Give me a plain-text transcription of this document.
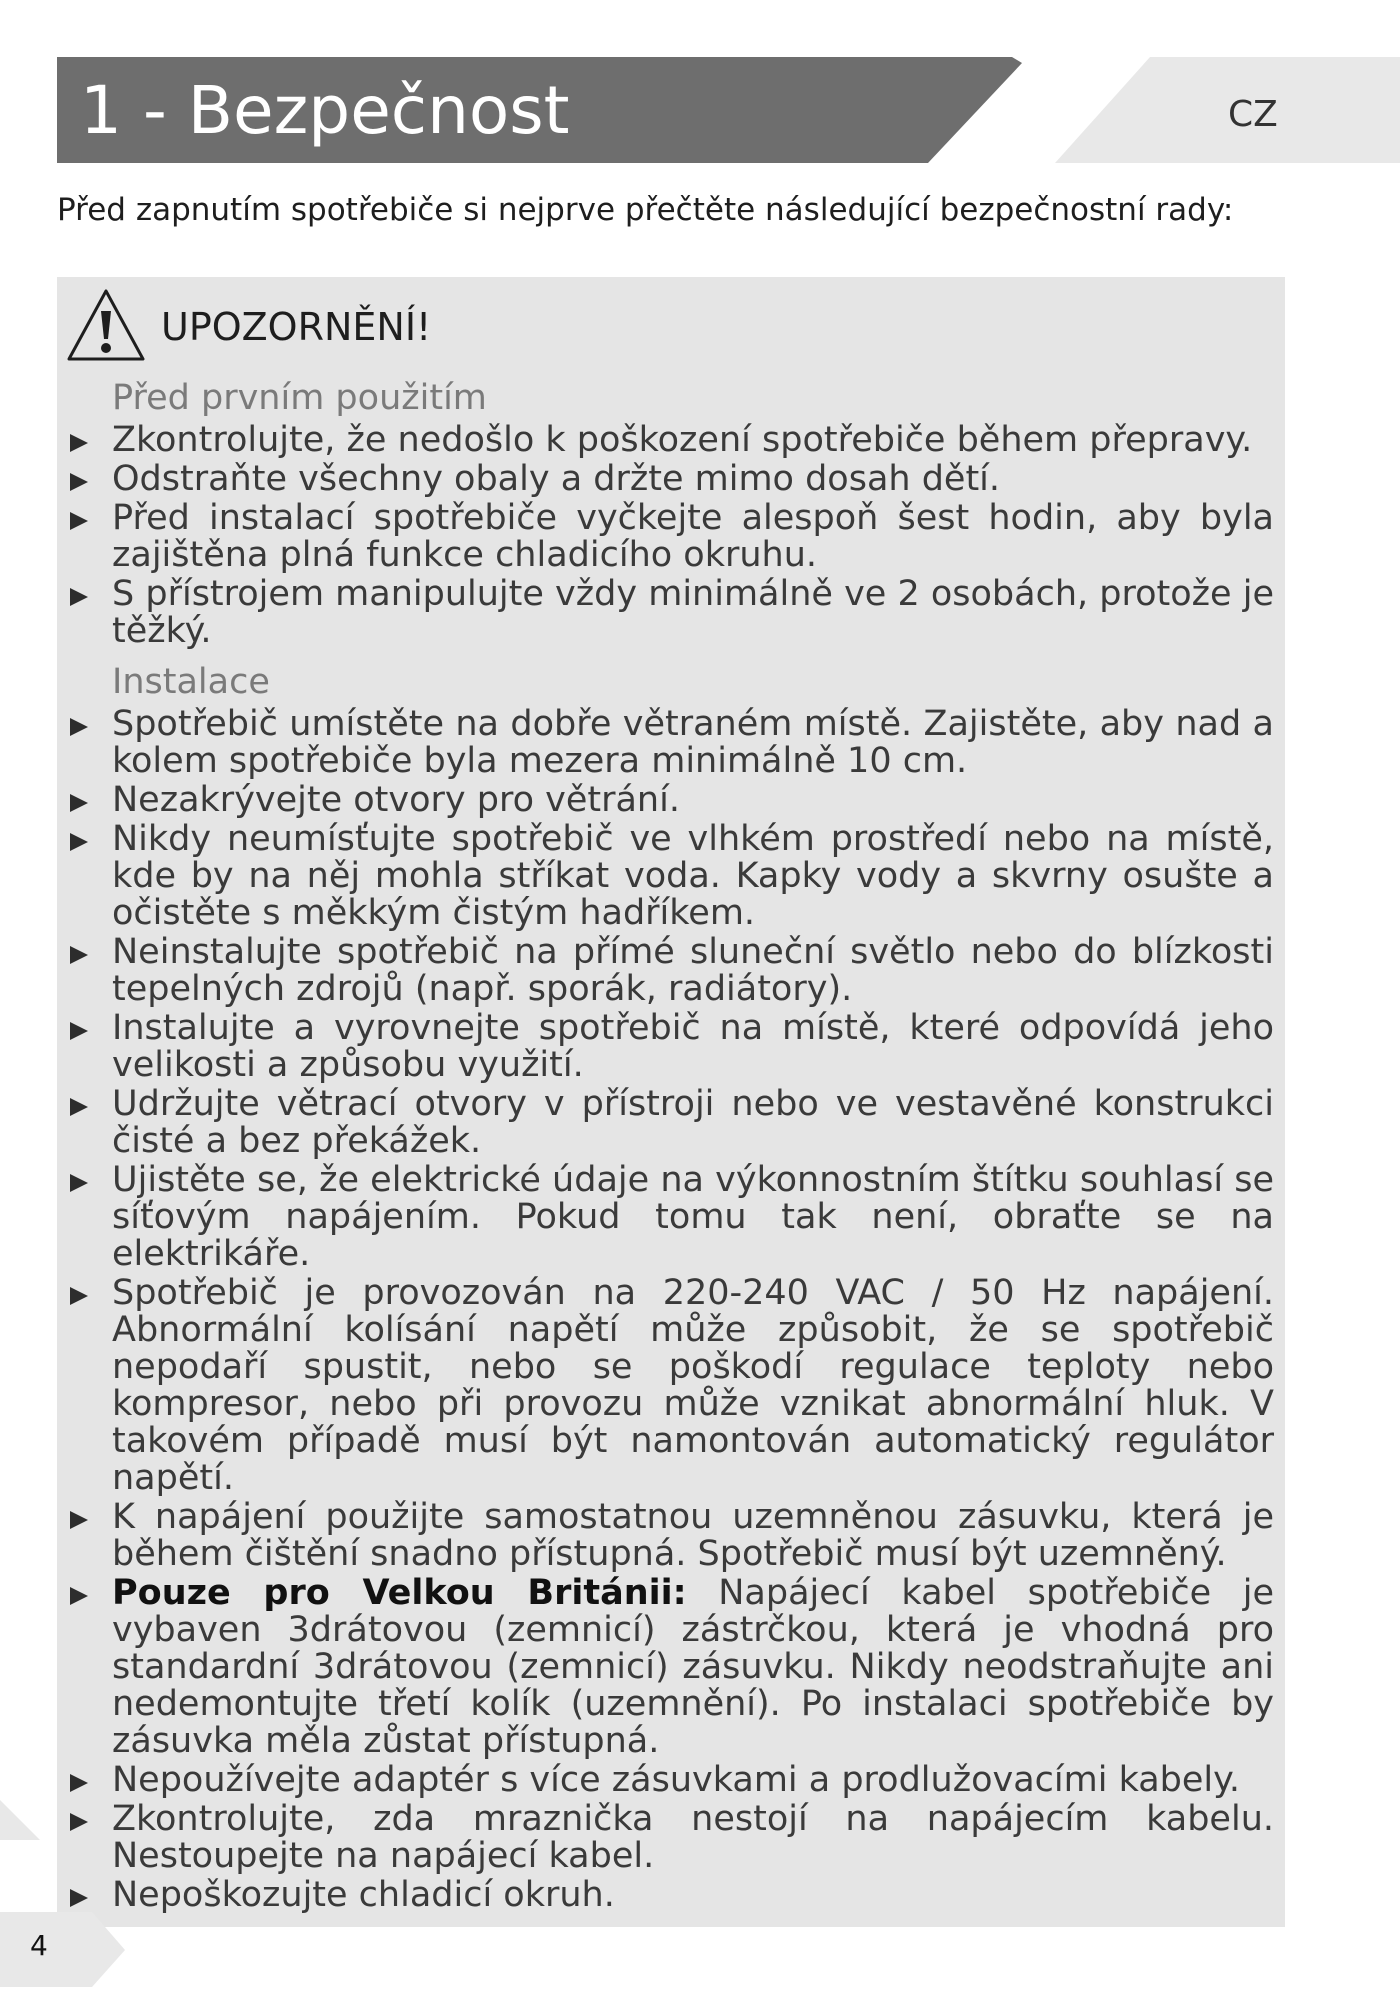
1 - Bezpečnost	CZ
Před zapnutím spotřebiče si nejprve přečtěte následující bezpečnostní rady:
UPOZORNĚNÍ!
Před prvním použitím
Zkontrolujte, že nedošlo k poškození spotřebiče během přepravy.
Odstraňte všechny obaly a držte mimo dosah dětí.
Před instalací spotřebiče vyčkejte alespoň šest hodin, aby byla zajištěna plná funkce chladicího okruhu.
S přístrojem manipulujte vždy minimálně ve 2 osobách, protože je těžký.
Instalace
Spotřebič umístěte na dobře větraném místě. Zajistěte, aby nad a kolem spotřebiče byla mezera minimálně 10 cm.
Nezakrývejte otvory pro větrání.
Nikdy neumísťujte spotřebič ve vlhkém prostředí nebo na místě, kde by na něj mohla stříkat voda. Kapky vody a skvrny osušte a očistěte s měkkým čistým hadříkem.
Neinstalujte spotřebič na přímé sluneční světlo nebo do blízkosti tepelných zdrojů (např. sporák, radiátory).
Instalujte a vyrovnejte spotřebič na místě, které odpovídá jeho velikosti a způsobu využití.
Udržujte větrací otvory v přístroji nebo ve vestavěné konstrukci čisté a bez překážek.
Ujistěte se, že elektrické údaje na výkonnostním štítku souhlasí se síťovým napájením. Pokud tomu tak není, obraťte se na elektrikáře.
Spotřebič je provozován na 220-240 VAC / 50 Hz napájení. Abnormální kolísání napětí může způsobit, že se spotřebič nepodaří spustit, nebo se poškodí regulace teploty nebo kompresor, nebo při provozu může vznikat abnormální hluk. V takovém případě musí být namontován automatický regulátor napětí.
K napájení použijte samostatnou uzemněnou zásuvku, která je během čištění snadno přístupná. Spotřebič musí být uzemněný.
Pouze pro Velkou Británii: Napájecí kabel spotřebiče je vybaven 3drátovou (zemnicí) zástrčkou, která je vhodná pro standardní 3drátovou (zemnicí) zásuvku. Nikdy neodstraňujte ani nedemontujte třetí kolík (uzemnění). Po instalaci spotřebiče by zásuvka měla zůstat přístupná.
Nepoužívejte adaptér s více zásuvkami a prodlužovacími kabely.
Zkontrolujte, zda mraznička nestojí na napájecím kabelu. Nestoupejte na napájecí kabel.
Nepoškozujte chladicí okruh.
4
